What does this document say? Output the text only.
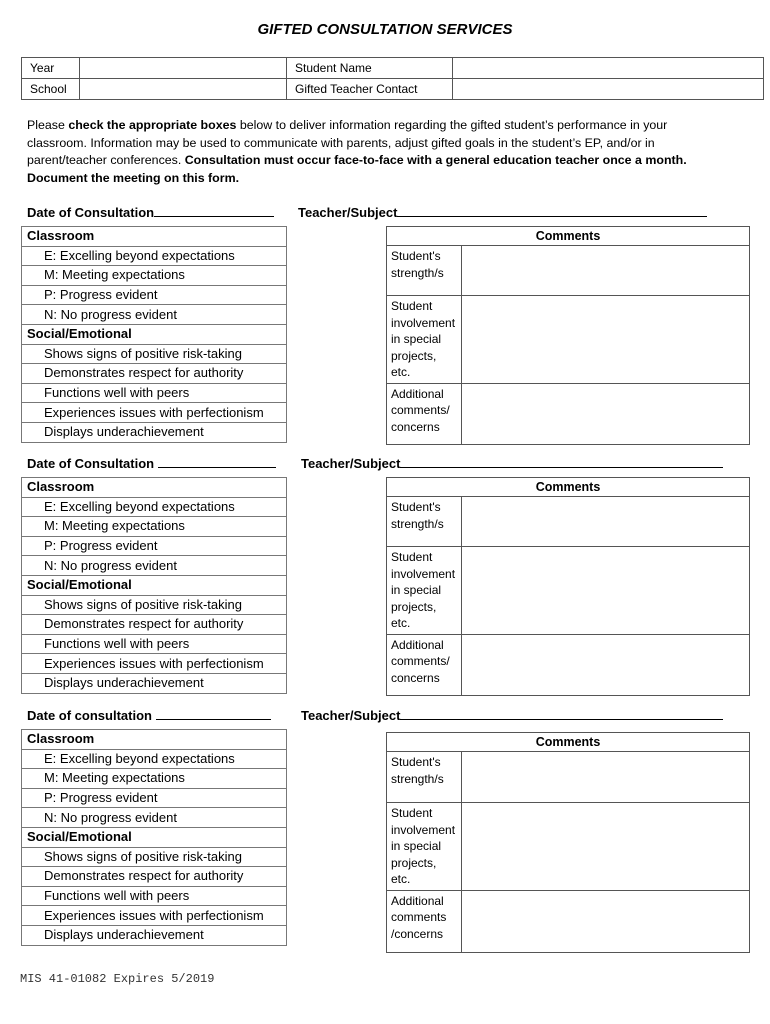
GIFTED CONSULTATION SERVICES
Year		Student Name	
School		Gifted Teacher Contact	
Please check the appropriate boxes below to deliver information regarding the gifted student’s performance in your classroom. Information may be used to communicate with parents, adjust gifted goals in the student’s EP, and/or in parent/teacher conferences. Consultation must occur face-to-face with a general education teacher once a month. Document the meeting on this form.
Date of Consultation	Teacher/Subject
Classroom
E: Excelling beyond expectations
M: Meeting expectations
P: Progress evident
N: No progress evident
Social/Emotional
Shows signs of positive risk-taking
Demonstrates respect for authority
Functions well with peers
Experiences issues with perfectionism
Displays underachievement
Comments	
Student's strength/s	
Student involvement in special projects, etc.	
Additional comments/ concerns	
Date of Consultation	Teacher/Subject
Classroom
E: Excelling beyond expectations
M: Meeting expectations
P: Progress evident
N: No progress evident
Social/Emotional
Shows signs of positive risk-taking
Demonstrates respect for authority
Functions well with peers
Experiences issues with perfectionism
Displays underachievement
Comments	
Student's strength/s	
Student involvement in special projects, etc.	
Additional comments/ concerns	
Date of consultation	Teacher/Subject
Classroom
E: Excelling beyond expectations
M: Meeting expectations
P: Progress evident
N: No progress evident
Social/Emotional
Shows signs of positive risk-taking
Demonstrates respect for authority
Functions well with peers
Experiences issues with perfectionism
Displays underachievement
Comments	
Student's strength/s	
Student involvement in special projects, etc.	
Additional comments /concerns	
MIS 41-01082 Expires 5/2019
